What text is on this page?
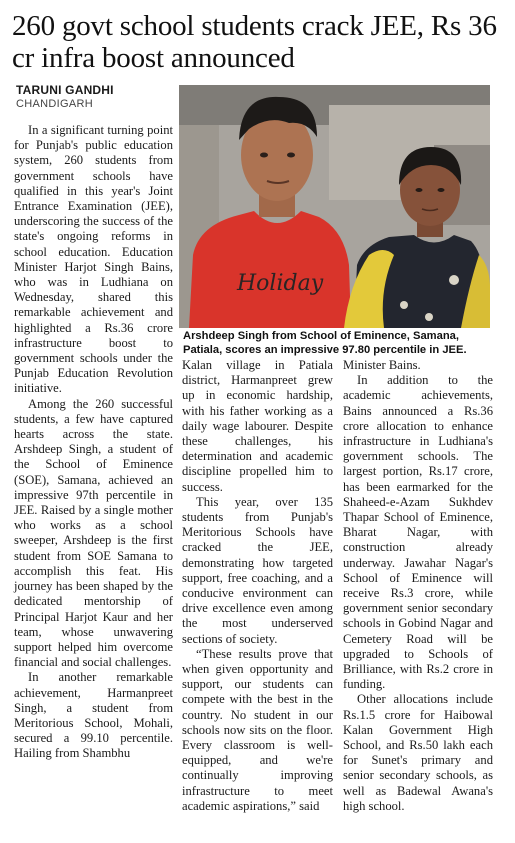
260 govt school students crack JEE, Rs 36 cr infra boost announced
TARUNI GANDHI
CHANDIGARH
Holiday
Arshdeep Singh from School of Eminence, Samana, Patiala, scores an impressive 97.80 percentile in JEE.

In a significant turning point for Punjab's public education system, 260 students from government schools have qualified in this year's Joint Entrance Examination (JEE), underscoring the success of the state's ongoing reforms in school education. Education Minister Harjot Singh Bains, who was in Ludhiana on Wednesday, shared this remarkable achievement and highlighted a Rs.36 crore infrastructure boost to government schools under the Punjab Education Revolution initiative.

Among the 260 successful students, a few have captured hearts across the state. Arshdeep Singh, a student of the School of Eminence (SOE), Samana, achieved an impressive 97th percentile in JEE. Raised by a single mother who works as a school sweeper, Arshdeep is the first student from SOE Samana to accomplish this feat. His journey has been shaped by the dedicated mentorship of Principal Harjot Kaur and her team, whose unwavering support helped him overcome financial and social challenges.

In another remarkable achievement, Harmanpreet Singh, a student from Meritorious School, Mohali, secured a 99.10 percentile. Hailing from Shambhu

Kalan village in Patiala district, Harmanpreet grew up in economic hardship, with his father working as a daily wage labourer. Despite these challenges, his determination and academic discipline propelled him to success.

This year, over 135 students from Punjab's Meritorious Schools have cracked the JEE, demonstrating how targeted support, free coaching, and a conducive environment can drive excellence even among the most underserved sections of society.

“These results prove that when given opportunity and support, our students can compete with the best in the country. No student in our schools now sits on the floor. Every classroom is well-equipped, and we're continually improving infrastructure to meet academic aspirations,” said

Minister Bains.

In addition to the academic achievements, Bains announced a Rs.36 crore allocation to enhance infrastructure in Ludhiana's government schools. The largest portion, Rs.17 crore, has been earmarked for the Shaheed-e-Azam Sukhdev Thapar School of Eminence, Bharat Nagar, with construction already underway. Jawahar Nagar's School of Eminence will receive Rs.3 crore, while government senior secondary schools in Gobind Nagar and Cemetery Road will be upgraded to Schools of Brilliance, with Rs.2 crore in funding.

Other allocations include Rs.1.5 crore for Haibowal Kalan Government High School, and Rs.50 lakh each for Sunet's primary and senior secondary schools, as well as Badewal Awana's high school.
